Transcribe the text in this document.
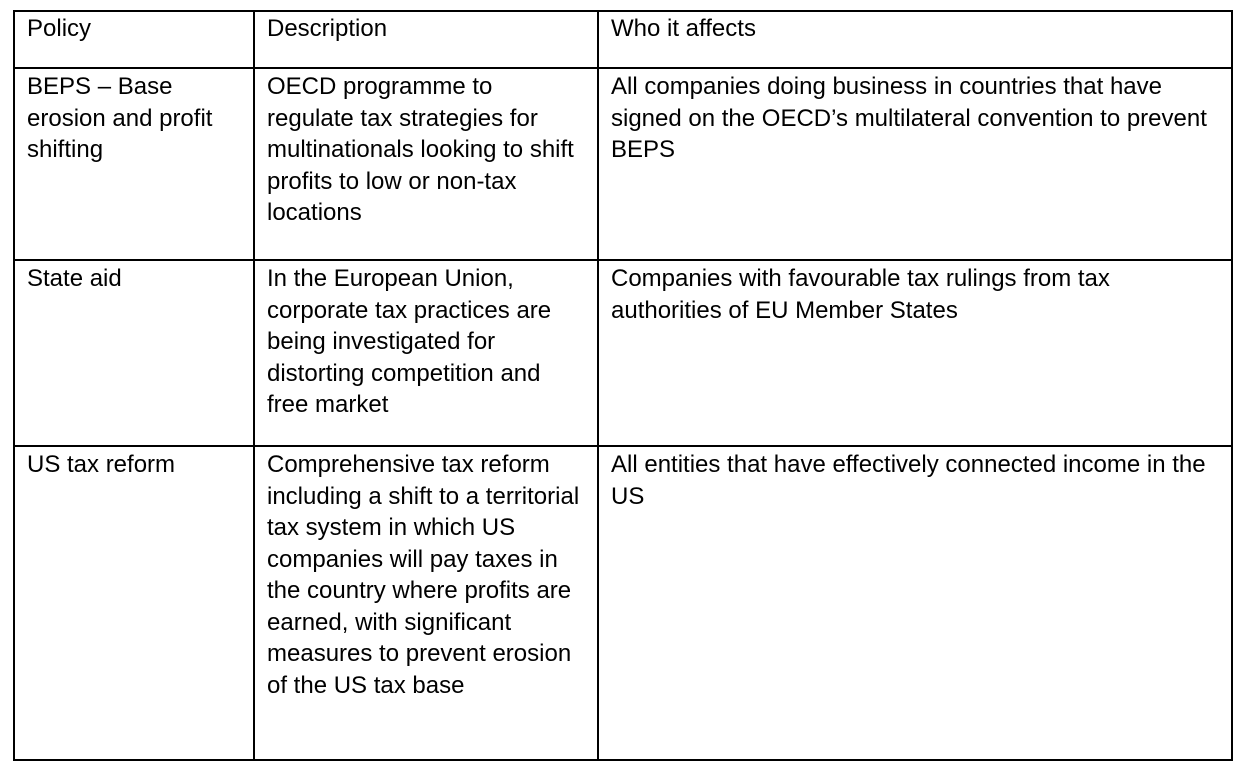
Policy	Description	Who it affects

BEPS – Base erosion and profit shifting	OECD programme to regulate tax strategies for multinationals looking to shift profits to low or non-tax locations	All companies doing business in countries that have signed on the OECD’s multilateral convention to prevent BEPS

State aid	In the European Union, corporate tax practices are being investigated for distorting competition and free market	Companies with favourable tax rulings from tax authorities of EU Member States

US tax reform	Comprehensive tax reform including a shift to a territorial tax system in which US companies will pay taxes in the country where profits are earned, with significant measures to prevent erosion of the US tax base	All entities that have effectively connected income in the US
